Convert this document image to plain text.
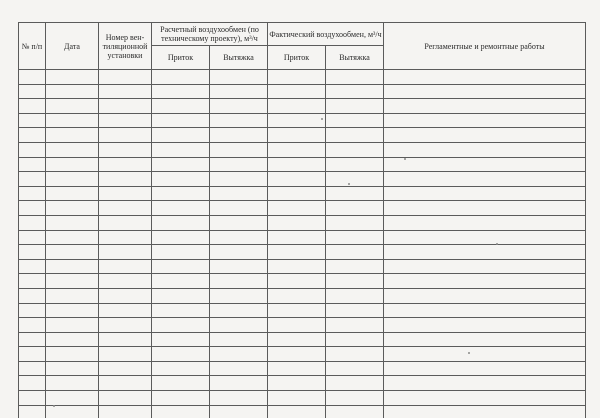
№ п/п	Дата	Номер вен-тиляционной установки	Расчетный воздухообмен (по техническому проекту), м³/ч		Фактический воздухообмен, м³/ч		Регламентные и ремонтные работы
			Приток	Вытяжка	Приток	Вытяжка	
